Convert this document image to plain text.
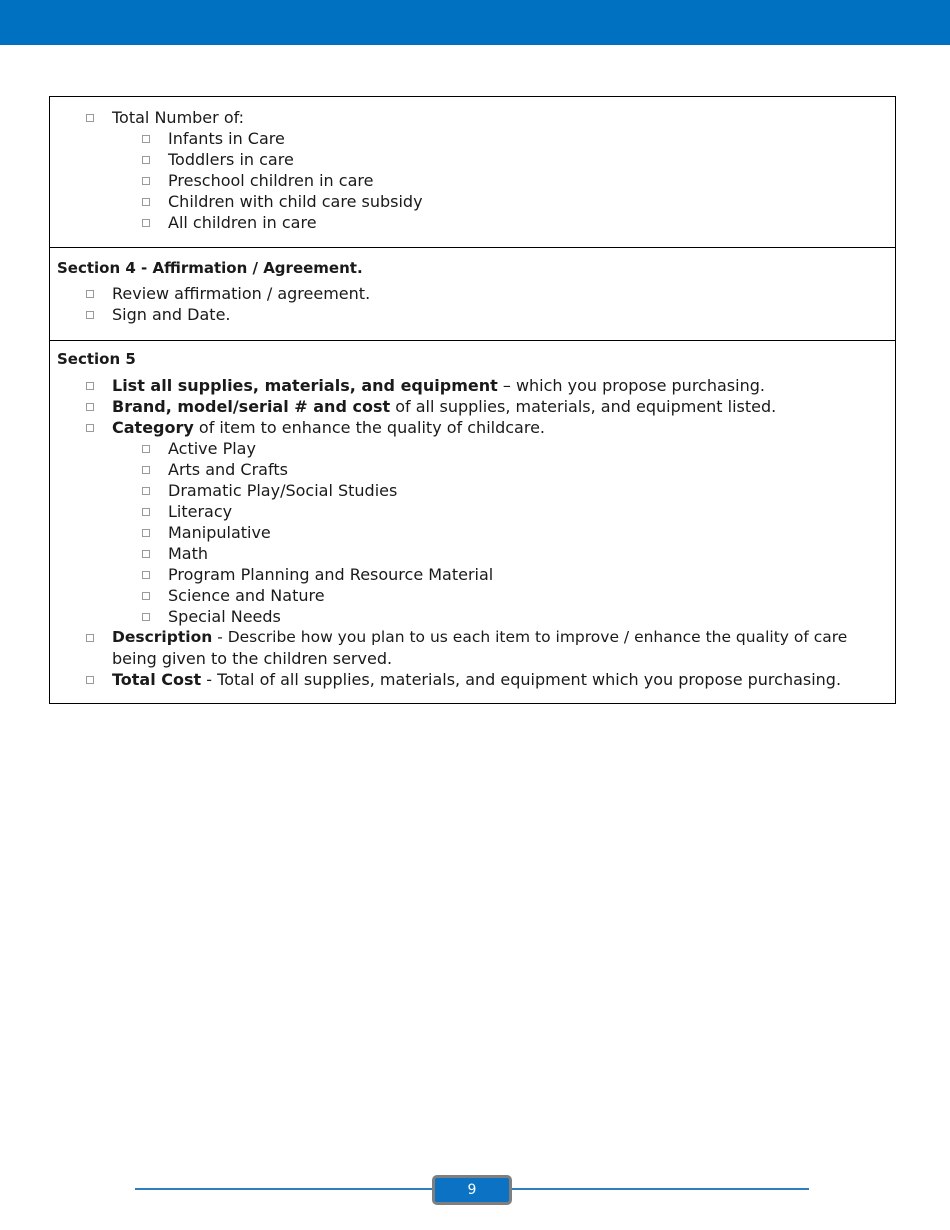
Total Number of:
Infants in Care
Toddlers in care
Preschool children in care
Children with child care subsidy
All children in care
Section 4 - Affirmation / Agreement.
Review affirmation / agreement.
Sign and Date.
Section 5
List all supplies, materials, and equipment – which you propose purchasing.
Brand, model/serial # and cost of all supplies, materials, and equipment listed.
Category of item to enhance the quality of childcare.
Active Play
Arts and Crafts
Dramatic Play/Social Studies
Literacy
Manipulative
Math
Program Planning and Resource Material
Science and Nature
Special Needs
Description - Describe how you plan to us each item to improve / enhance the quality of care
being given to the children served.
Total Cost - Total of all supplies, materials, and equipment which you propose purchasing.
9
